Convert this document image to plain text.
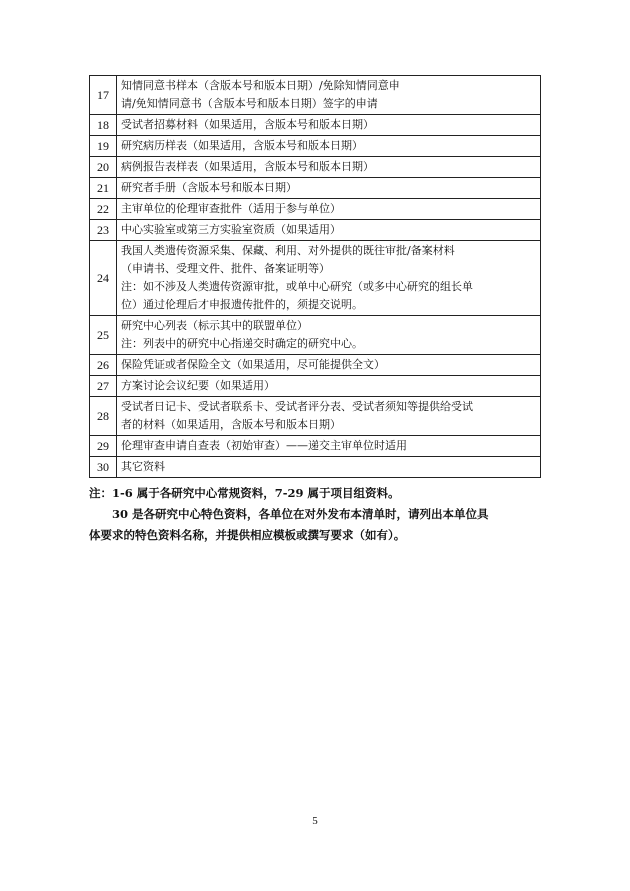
17	知情同意书样本（含版本号和版本日期）/免除知情同意申
请/免知情同意书（含版本号和版本日期）签字的申请

18	受试者招募材料（如果适用，含版本号和版本日期）

19	研究病历样表（如果适用，含版本号和版本日期）

20	病例报告表样表（如果适用，含版本号和版本日期）

21	研究者手册（含版本号和版本日期）

22	主审单位的伦理审查批件（适用于参与单位）

23	中心实验室或第三方实验室资质（如果适用）

24	我国人类遗传资源采集、保藏、利用、对外提供的既往审批/备案材料
（申请书、受理文件、批件、备案证明等）
注：如不涉及人类遗传资源审批，或单中心研究（或多中心研究的组长单
位）通过伦理后才申报遗传批件的，须提交说明。

25	研究中心列表（标示其中的联盟单位）
注：列表中的研究中心指递交时确定的研究中心。

26	保险凭证或者保险全文（如果适用，尽可能提供全文）

27	方案讨论会议纪要（如果适用）

28	受试者日记卡、受试者联系卡、受试者评分表、受试者须知等提供给受试
者的材料（如果适用，含版本号和版本日期）

29	伦理审查申请自查表（初始审查）——递交主审单位时适用

30	其它资料
注：1-6 属于各研究中心常规资料，7-29 属于项目组资料。
30 是各研究中心特色资料，各单位在对外发布本清单时，请列出本单位具
体要求的特色资料名称，并提供相应模板或撰写要求（如有）。
5
